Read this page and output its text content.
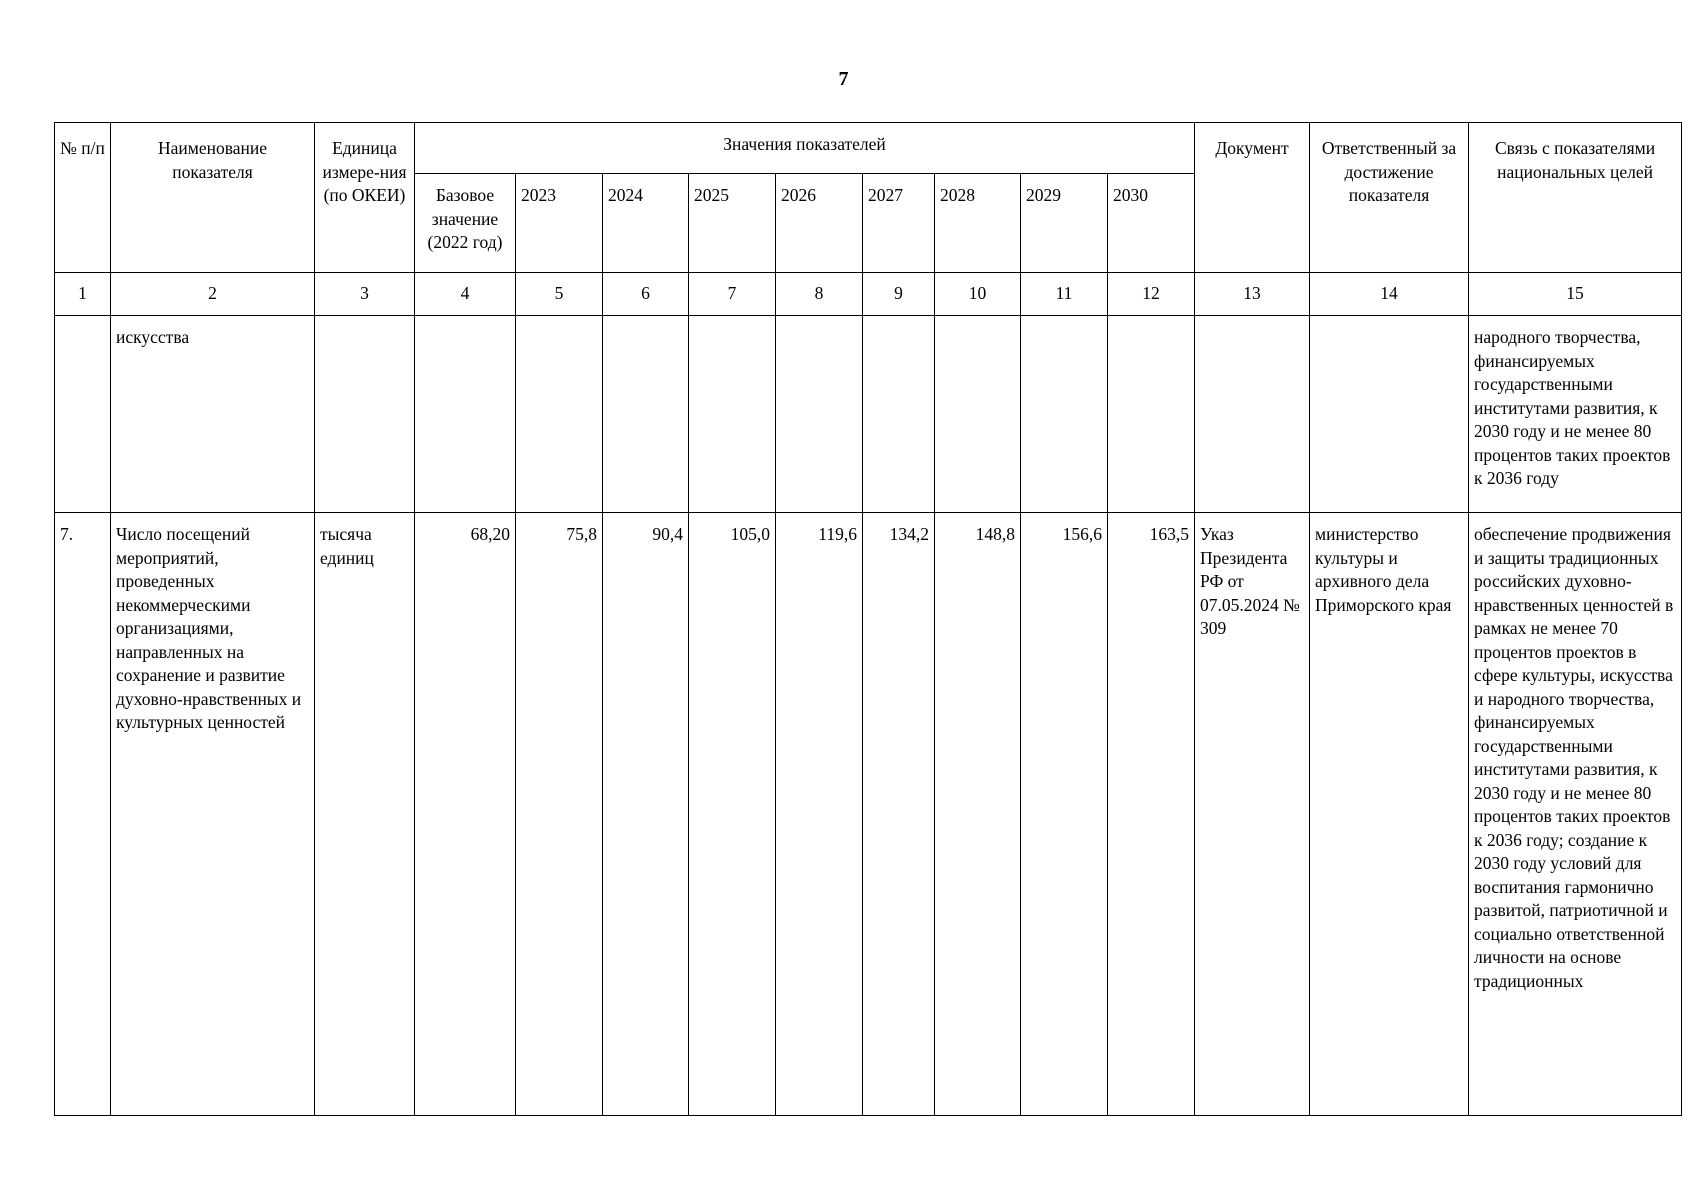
7
№ п/п	Наименование показателя	Единица измере-ния (по ОКЕИ)	Значения показателей									Документ	Ответственный за достижение показателя	Связь с показателями национальных целей
			Базовое значение (2022 год)	2023	2024	2025	2026	2027	2028	2029	2030			
1	2	3	4	5	6	7	8	9	10	11	12	13	14	15
	искусства													народного творчества, финансируемых государственными институтами развития, к 2030 году и не менее 80 процентов таких проектов к 2036 году
7.	Число посещений мероприятий, проведенных некоммерческими организациями, направленных на сохранение и развитие духовно-нравственных и культурных ценностей	тысяча единиц	68,20	75,8	90,4	105,0	119,6	134,2	148,8	156,6	163,5	Указ Президента РФ от 07.05.2024 № 309	министерство культуры и архивного дела Приморского края	обеспечение продвижения и защиты традиционных российских духовно-нравственных ценностей в рамках не менее 70 процентов проектов в сфере культуры, искусства и народного творчества, финансируемых государственными институтами развития, к 2030 году и не менее 80 процентов таких проектов к 2036 году; создание к 2030 году условий для воспитания гармонично развитой, патриотичной и социально ответственной личности на основе традиционных
